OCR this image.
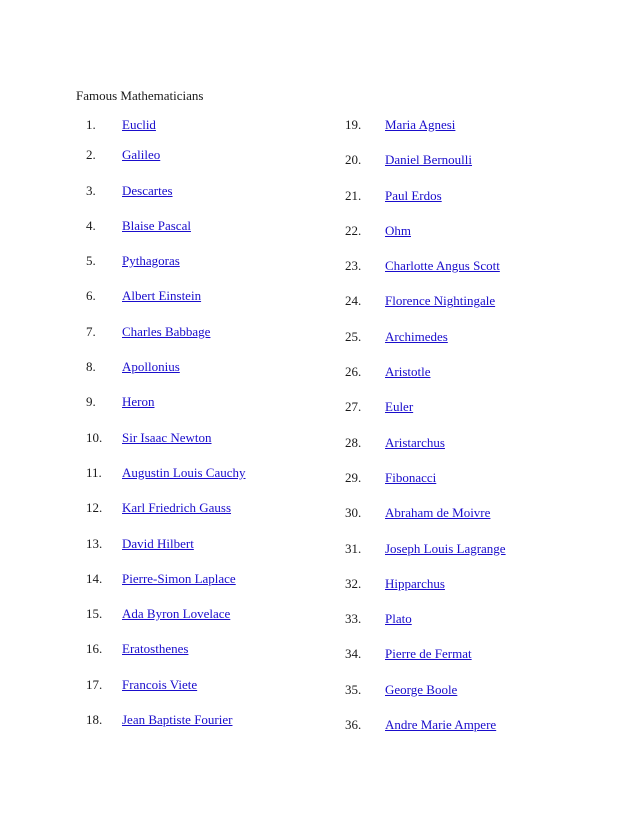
Famous Mathematicians
1. Euclid
2. Galileo
3. Descartes
4. Blaise Pascal
5. Pythagoras
6. Albert Einstein
7. Charles Babbage
8. Apollonius
9. Heron
10. Sir Isaac Newton
11. Augustin Louis Cauchy
12. Karl Friedrich Gauss
13. David Hilbert
14. Pierre-Simon Laplace
15. Ada Byron Lovelace
16. Eratosthenes
17. Francois Viete
18. Jean Baptiste Fourier
19. Maria Agnesi
20. Daniel Bernoulli
21. Paul Erdos
22. Ohm
23. Charlotte Angus Scott
24. Florence Nightingale
25. Archimedes
26. Aristotle
27. Euler
28. Aristarchus
29. Fibonacci
30. Abraham de Moivre
31. Joseph Louis Lagrange
32. Hipparchus
33. Plato
34. Pierre de Fermat
35. George Boole
36. Andre Marie Ampere
